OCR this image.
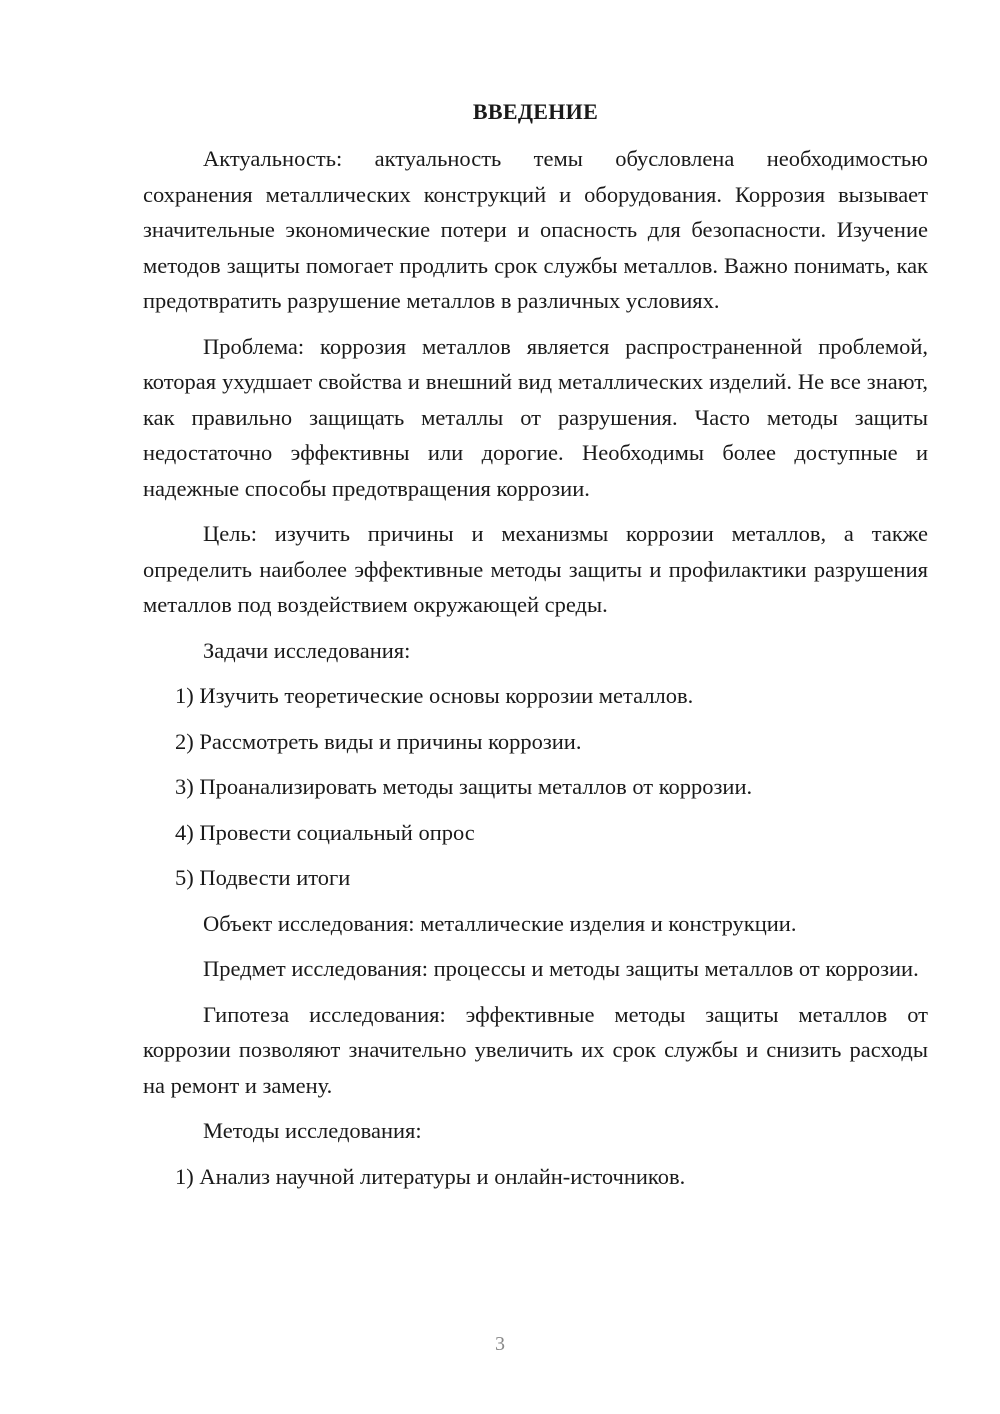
ВВЕДЕНИЕ

Актуальность: актуальность темы обусловлена необходимостью сохранения металлических конструкций и оборудования. Коррозия вызывает значительные экономические потери и опасность для безопасности. Изучение методов защиты помогает продлить срок службы металлов. Важно понимать, как предотвратить разрушение металлов в различных условиях.

Проблема: коррозия металлов является распространенной проблемой, которая ухудшает свойства и внешний вид металлических изделий. Не все знают, как правильно защищать металлы от разрушения. Часто методы защиты недостаточно эффективны или дорогие. Необходимы более доступные и надежные способы предотвращения коррозии.

Цель: изучить причины и механизмы коррозии металлов, а также определить наиболее эффективные методы защиты и профилактики разрушения металлов под воздействием окружающей среды.

Задачи исследования:

1) Изучить теоретические основы коррозии металлов.
2) Рассмотреть виды и причины коррозии.
3) Проанализировать методы защиты металлов от коррозии.
4) Провести социальный опрос
5) Подвести итоги

Объект исследования: металлические изделия и конструкции.

Предмет исследования: процессы и методы защиты металлов от коррозии.

Гипотеза исследования: эффективные методы защиты металлов от коррозии позволяют значительно увеличить их срок службы и снизить расходы на ремонт и замену.

Методы исследования:

1) Анализ научной литературы и онлайн-источников.
3
